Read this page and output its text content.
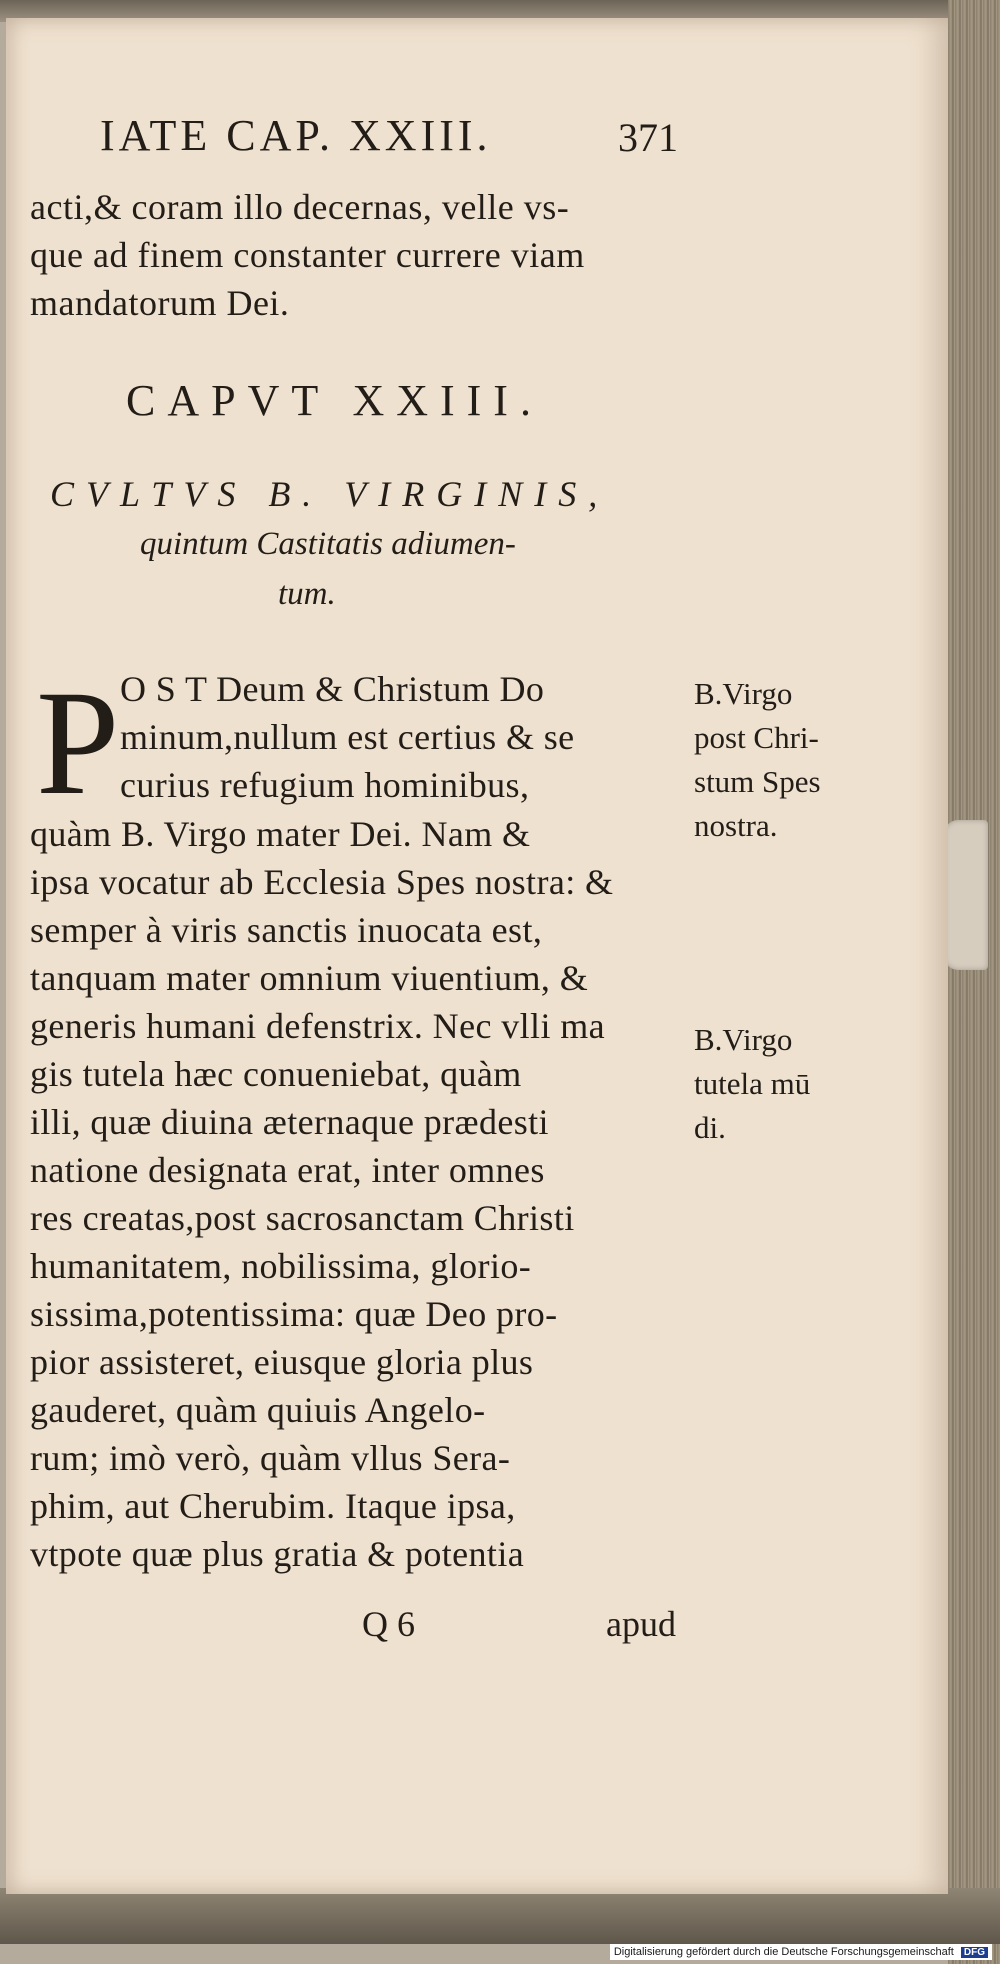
IATE CAP. XXIII.	371
acti,& coram illo decernas, velle vs-
que ad finem constanter currere viam
mandatorum Dei.
CAPVT XXIII.
CVLTVS B. VIRGINIS,
quintum Castitatis adiumen-
tum.
P O S T Deum & Christum Do
minum,nullum est certius & se
curius refugium hominibus,
quàm B. Virgo mater Dei. Nam &
ipsa vocatur ab Ecclesia Spes nostra: &
semper à viris sanctis inuocata est,
tanquam mater omnium viuentium, &
generis humani defenstrix. Nec vlli ma
gis tutela hæc conueniebat, quàm
illi, quæ diuina æternaque prædesti
natione designata erat, inter omnes
res creatas,post sacrosanctam Christi
humanitatem, nobilissima, glorio-
sissima,potentissima: quæ Deo pro-
pior assisteret, eiusque gloria plus
gauderet, quàm quiuis Angelo-
rum; imò verò, quàm vllus Sera-
phim, aut Cherubim. Itaque ipsa,
vtpote quæ plus gratia & potentia
B.Virgo
post Chri-
stum Spes
nostra.
B.Virgo
tutela mū
di.
Q 6	apud
Digitalisierung gefördert durch die Deutsche Forschungsgemeinschaft DFG
